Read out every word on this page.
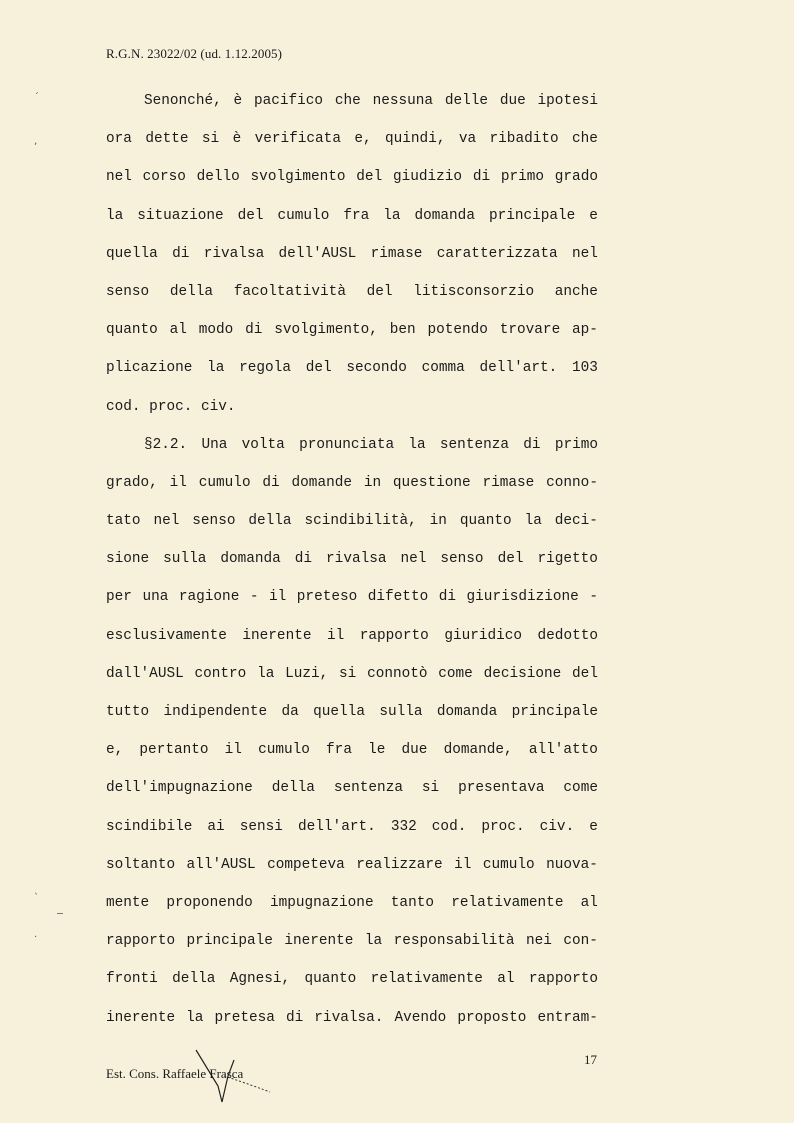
R.G.N. 23022/02 (ud. 1.12.2005)
ˊ
,
ˎ
·
Senonché, è pacifico che nessuna delle due ipotesi
ora dette si è verificata e, quindi, va ribadito che
nel corso dello svolgimento del giudizio di primo grado
la situazione del cumulo fra la domanda principale e
quella di rivalsa dell'AUSL rimase caratterizzata nel
senso della facoltatività del litisconsorzio anche
quanto al modo di svolgimento, ben potendo trovare ap-
plicazione la regola del secondo comma dell'art. 103
cod. proc. civ.
§2.2. Una volta pronunciata la sentenza di primo
grado, il cumulo di domande in questione rimase conno-
tato nel senso della scindibilità, in quanto la deci-
sione sulla domanda di rivalsa nel senso del rigetto
per una ragione - il preteso difetto di giurisdizione -
esclusivamente inerente il rapporto giuridico dedotto
dall'AUSL contro la Luzi, si connotò come decisione del
tutto indipendente da quella sulla domanda principale
e, pertanto il cumulo fra le due domande, all'atto
dell'impugnazione della sentenza si presentava come
scindibile ai sensi dell'art. 332 cod. proc. civ. e
soltanto all'AUSL competeva realizzare il cumulo nuova-
mente proponendo impugnazione tanto relativamente al
rapporto principale inerente la responsabilità nei con-
fronti della Agnesi, quanto relativamente al rapporto
inerente la pretesa di rivalsa. Avendo proposto entram-
Est. Cons. Raffaele Frasca
17
